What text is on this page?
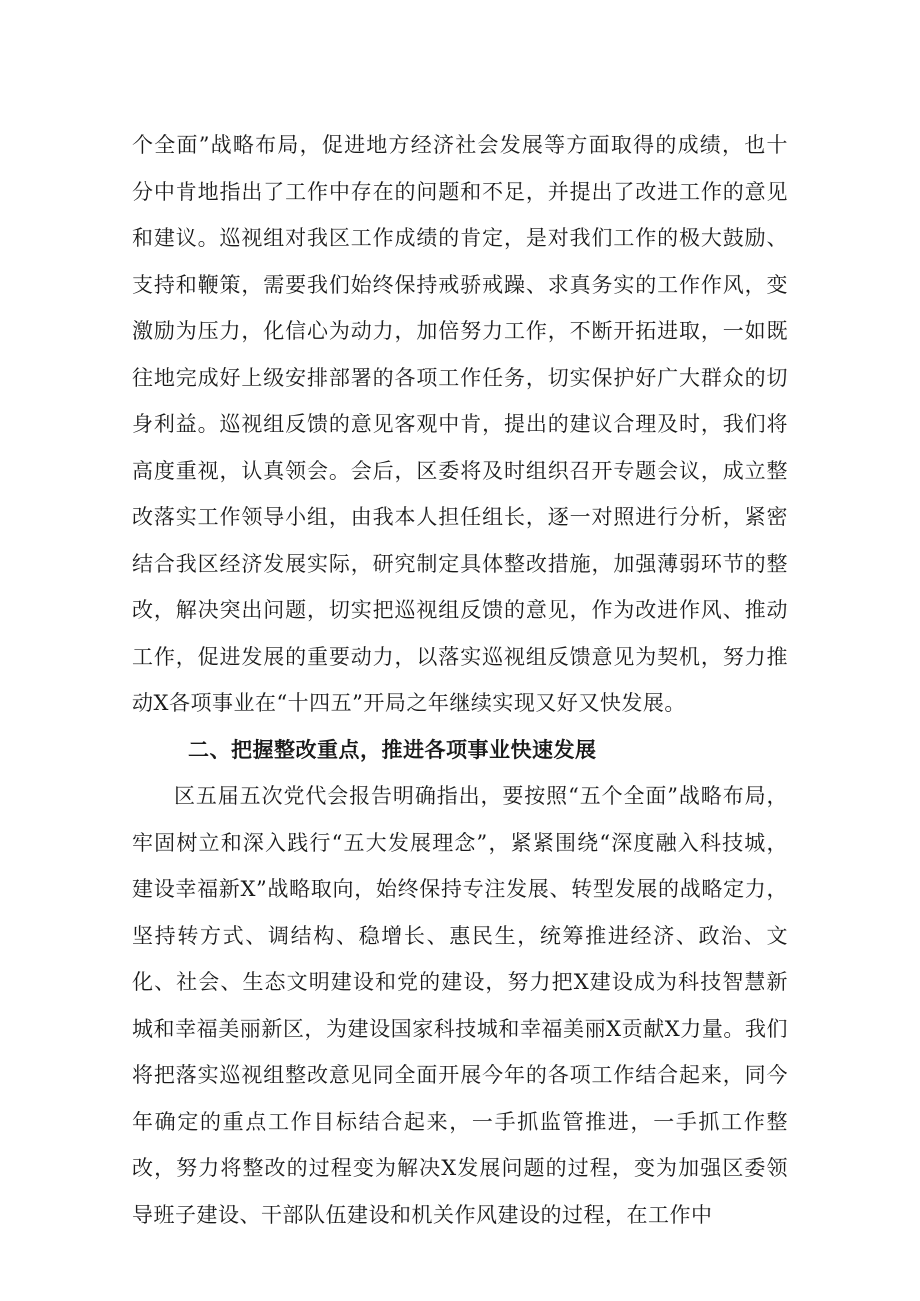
个全面”战略布局，促进地方经济社会发展等方面取得的成绩，也十分中肯地指出了工作中存在的问题和不足，并提出了改进工作的意见和建议。巡视组对我区工作成绩的肯定，是对我们工作的极大鼓励、支持和鞭策，需要我们始终保持戒骄戒躁、求真务实的工作作风，变激励为压力，化信心为动力，加倍努力工作，不断开拓进取，一如既往地完成好上级安排部署的各项工作任务，切实保护好广大群众的切身利益。巡视组反馈的意见客观中肯，提出的建议合理及时，我们将高度重视，认真领会。会后，区委将及时组织召开专题会议，成立整改落实工作领导小组，由我本人担任组长，逐一对照进行分析，紧密结合我区经济发展实际，研究制定具体整改措施，加强薄弱环节的整改，解决突出问题，切实把巡视组反馈的意见，作为改进作风、推动工作，促进发展的重要动力，以落实巡视组反馈意见为契机，努力推动X各项事业在“十四五”开局之年继续实现又好又快发展。

二、把握整改重点，推进各项事业快速发展

区五届五次党代会报告明确指出，要按照“五个全面”战略布局，牢固树立和深入践行“五大发展理念”，紧紧围绕“深度融入科技城，建设幸福新X”战略取向，始终保持专注发展、转型发展的战略定力，坚持转方式、调结构、稳增长、惠民生，统筹推进经济、政治、文化、社会、生态文明建设和党的建设，努力把X建设成为科技智慧新城和幸福美丽新区，为建设国家科技城和幸福美丽X贡献X力量。我们将把落实巡视组整改意见同全面开展今年的各项工作结合起来，同今年确定的重点工作目标结合起来，一手抓监管推进，一手抓工作整改，努力将整改的过程变为解决X发展问题的过程，变为加强区委领导班子建设、干部队伍建设和机关作风建设的过程，在工作中
